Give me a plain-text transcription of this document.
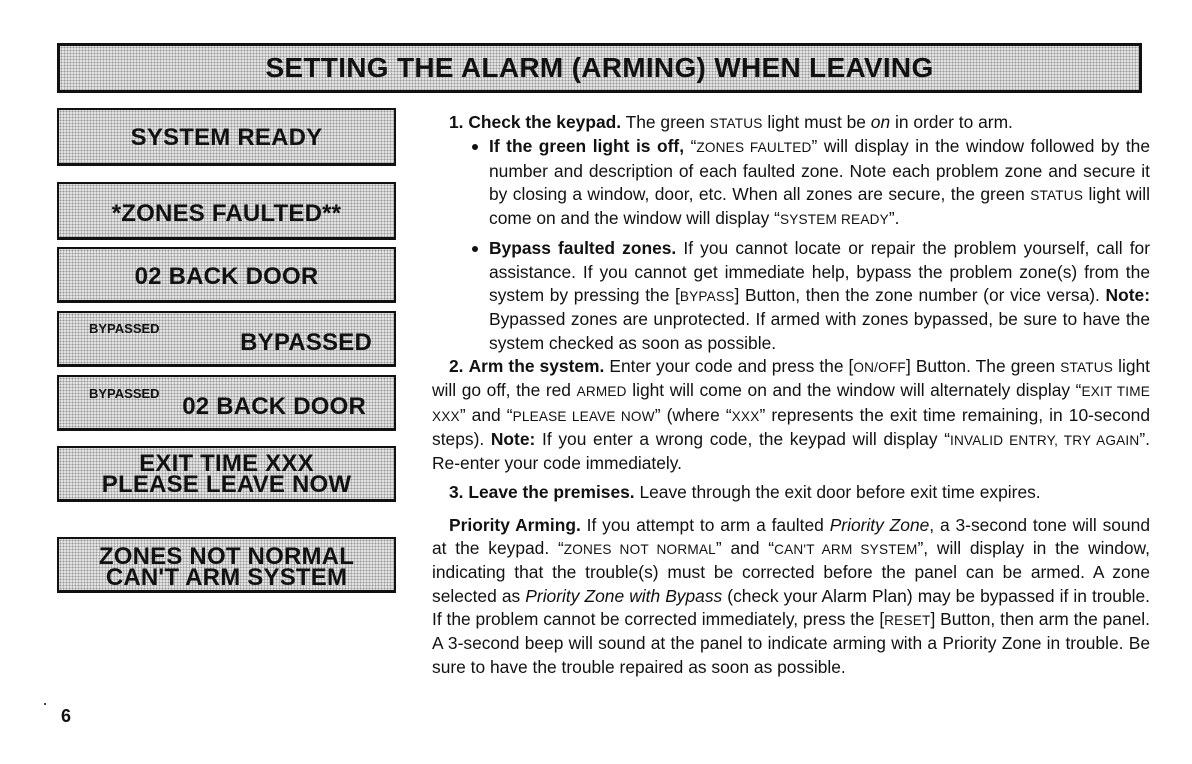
SETTING THE ALARM (ARMING) WHEN LEAVING
SYSTEM READY
*ZONES FAULTED**
02 BACK DOOR
BYPASSED
BYPASSED
BYPASSED 02 BACK DOOR
EXIT TIME XXX
PLEASE LEAVE NOW
ZONES NOT NORMAL
CAN'T ARM SYSTEM

1. Check the keypad. The green STATUS light must be on in order to arm.

If the green light is off, “ZONES FAULTED” will display in the window followed by the number and description of each faulted zone. Note each problem zone and secure it by closing a window, door, etc. When all zones are secure, the green STATUS light will come on and the window will display “SYSTEM READY”.

Bypass faulted zones. If you cannot locate or repair the problem yourself, call for assistance. If you cannot get immediate help, bypass the problem zone(s) from the system by pressing the [BYPASS] Button, then the zone number (or vice versa). Note: Bypassed zones are unprotected. If armed with zones bypassed, be sure to have the system checked as soon as possible.

2. Arm the system. Enter your code and press the [ON/OFF] Button. The green STATUS light will go off, the red ARMED light will come on and the window will alternately display “EXIT TIME XXX” and “PLEASE LEAVE NOW” (where “XXX” represents the exit time remaining, in 10-second steps). Note: If you enter a wrong code, the keypad will display “INVALID ENTRY, TRY AGAIN”. Re-enter your code immediately.

3. Leave the premises. Leave through the exit door before exit time expires.

Priority Arming. If you attempt to arm a faulted Priority Zone, a 3-second tone will sound at the keypad. “ZONES NOT NORMAL” and “CAN'T ARM SYSTEM”, will display in the window, indicating that the trouble(s) must be corrected before the panel can be armed. A zone selected as Priority Zone with Bypass (check your Alarm Plan) may be bypassed if in trouble. If the problem cannot be corrected immediately, press the [RESET] Button, then arm the panel. A 3-second beep will sound at the panel to indicate arming with a Priority Zone in trouble. Be sure to have the trouble repaired as soon as possible.

6
